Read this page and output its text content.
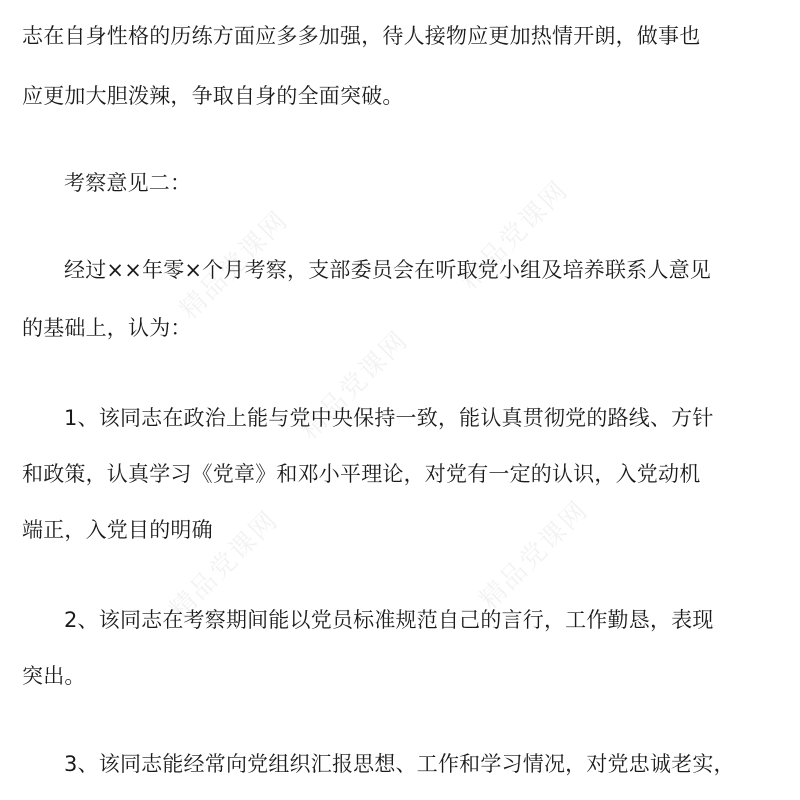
精品党课网	精品党课网
精品党课网
精品党课网	精品党课网
志在自身性格的历练方面应多多加强，待人接物应更加热情开朗，做事也
应更加大胆泼辣，争取自身的全面突破。
考察意见二：
经过××年零×个月考察，支部委员会在听取党小组及培养联系人意见
的基础上，认为：
1、该同志在政治上能与党中央保持一致，能认真贯彻党的路线、方针
和政策，认真学习《党章》和邓小平理论，对党有一定的认识，入党动机
端正，入党目的明确
2、该同志在考察期间能以党员标准规范自己的言行，工作勤恳，表现
突出。
3、该同志能经常向党组织汇报思想、工作和学习情况，对党忠诚老实，
